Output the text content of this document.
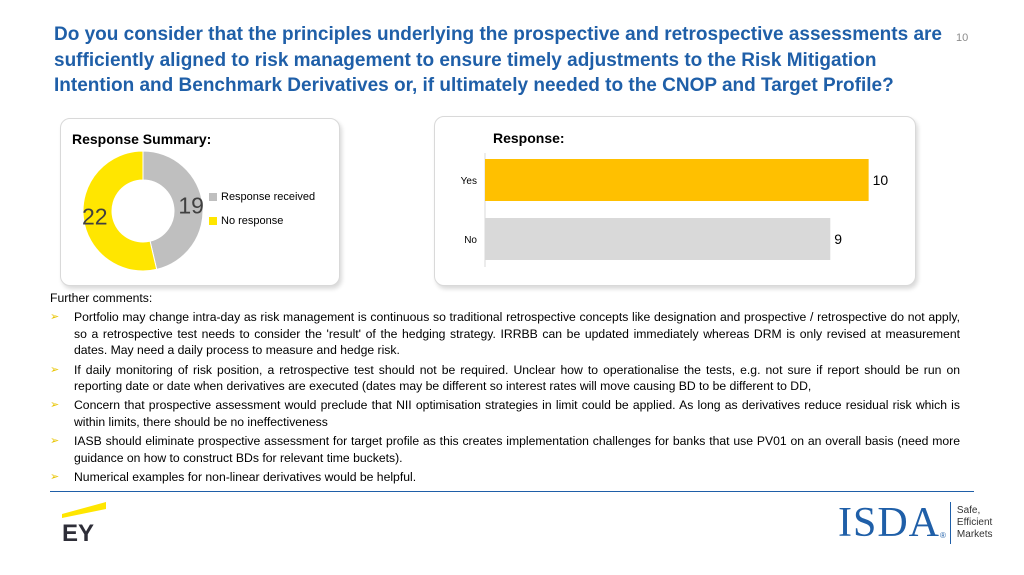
Do you consider that the principles underlying the prospective and retrospective assessments are sufficiently aligned to risk management to ensure timely adjustments to the Risk Mitigation Intention and Benchmark Derivatives or, if ultimately needed to the CNOP and Target Profile?
10
Response Summary:
19
22
Response received
No response
Response:
Yes	10
No	9
Further comments:
➢ Portfolio may change intra-day as risk management is continuous so traditional retrospective concepts like designation and prospective / retrospective do not apply, so a retrospective test needs to consider the 'result' of the hedging strategy. IRRBB can be updated immediately whereas DRM is only revised at measurement dates. May need a daily process to measure and hedge risk.
➢ If daily monitoring of risk position, a retrospective test should not be required. Unclear how to operationalise the tests, e.g. not sure if report should be run on reporting date or date when derivatives are executed (dates may be different so interest rates will move causing BD to be different to DD,
➢ Concern that prospective assessment would preclude that NII optimisation strategies in limit could be applied. As long as derivatives reduce residual risk which is within limits, there should be no ineffectiveness
➢ IASB should eliminate prospective assessment for target profile as this creates implementation challenges for banks that use PV01 on an overall basis (need more guidance on how to construct BDs for relevant time buckets).
➢ Numerical examples for non-linear derivatives would be helpful.
EY	ISDA ®
Safe,
Efficient
Markets
